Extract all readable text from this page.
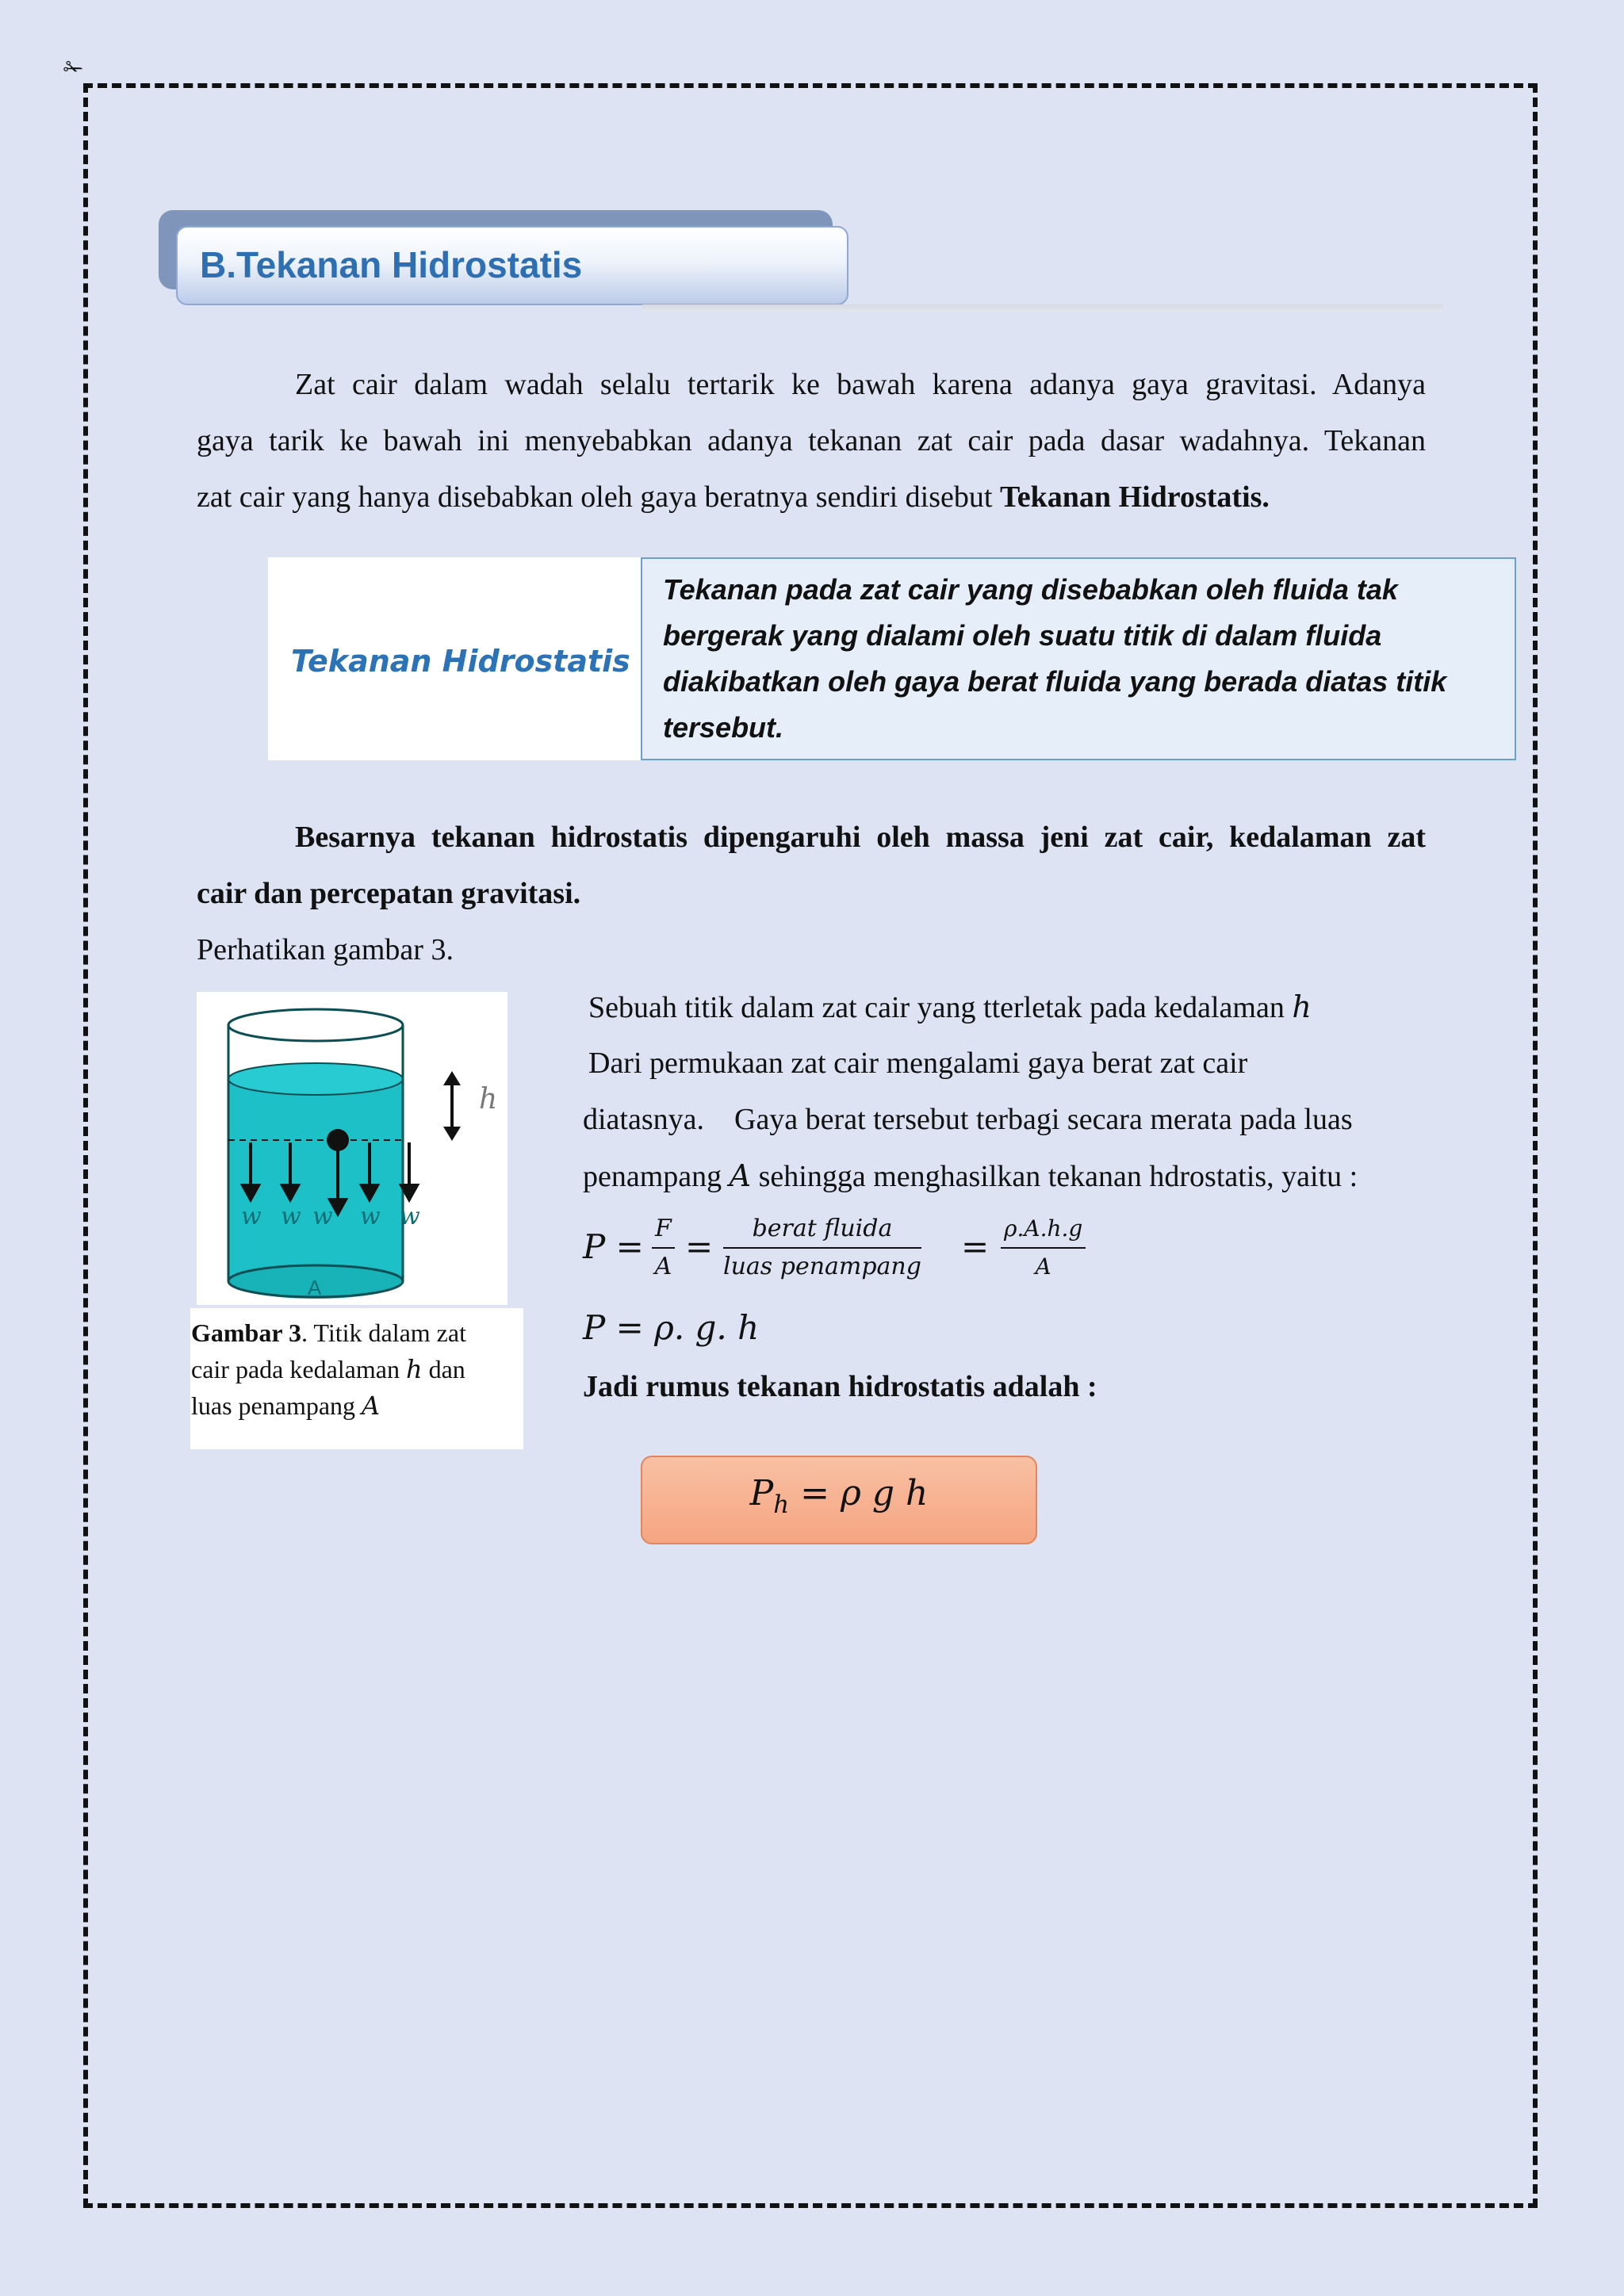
✁
B.Tekanan Hidrostatis
Zat cair dalam wadah selalu tertarik ke bawah karena adanya gaya gravitasi. Adanya
gaya tarik ke bawah ini menyebabkan adanya tekanan zat cair pada dasar wadahnya. Tekanan
zat cair yang hanya disebabkan oleh gaya beratnya sendiri disebut Tekanan Hidrostatis.
Tekanan Hidrostatis
Tekanan pada zat cair yang disebabkan oleh fluida tak
bergerak yang dialami oleh suatu titik di dalam fluida
diakibatkan oleh gaya berat fluida yang berada diatas titik
tersebut.
Besarnya tekanan hidrostatis dipengaruhi oleh massa jeni zat cair, kedalaman zat
cair dan percepatan gravitasi.
Perhatikan gambar 3.
h
w w w w w
A
Gambar 3. Titik dalam zat
cair pada kedalaman h dan
luas penampang A
Sebuah titik dalam zat cair yang tterletak pada kedalaman h
Dari permukaan zat cair mengalami gaya berat zat cair
diatasnya.    Gaya berat tersebut terbagi secara merata pada luas
penampang A sehingga menghasilkan tekanan hdrostatis, yaitu :
$P = \frac{F}{A}$ =	berat fluida
luas penampang
= $\frac{\rho.A.h.g}{A}$
P = ρ. g. h
Jadi rumus tekanan hidrostatis adalah :
$P_h = \rho$ g h
